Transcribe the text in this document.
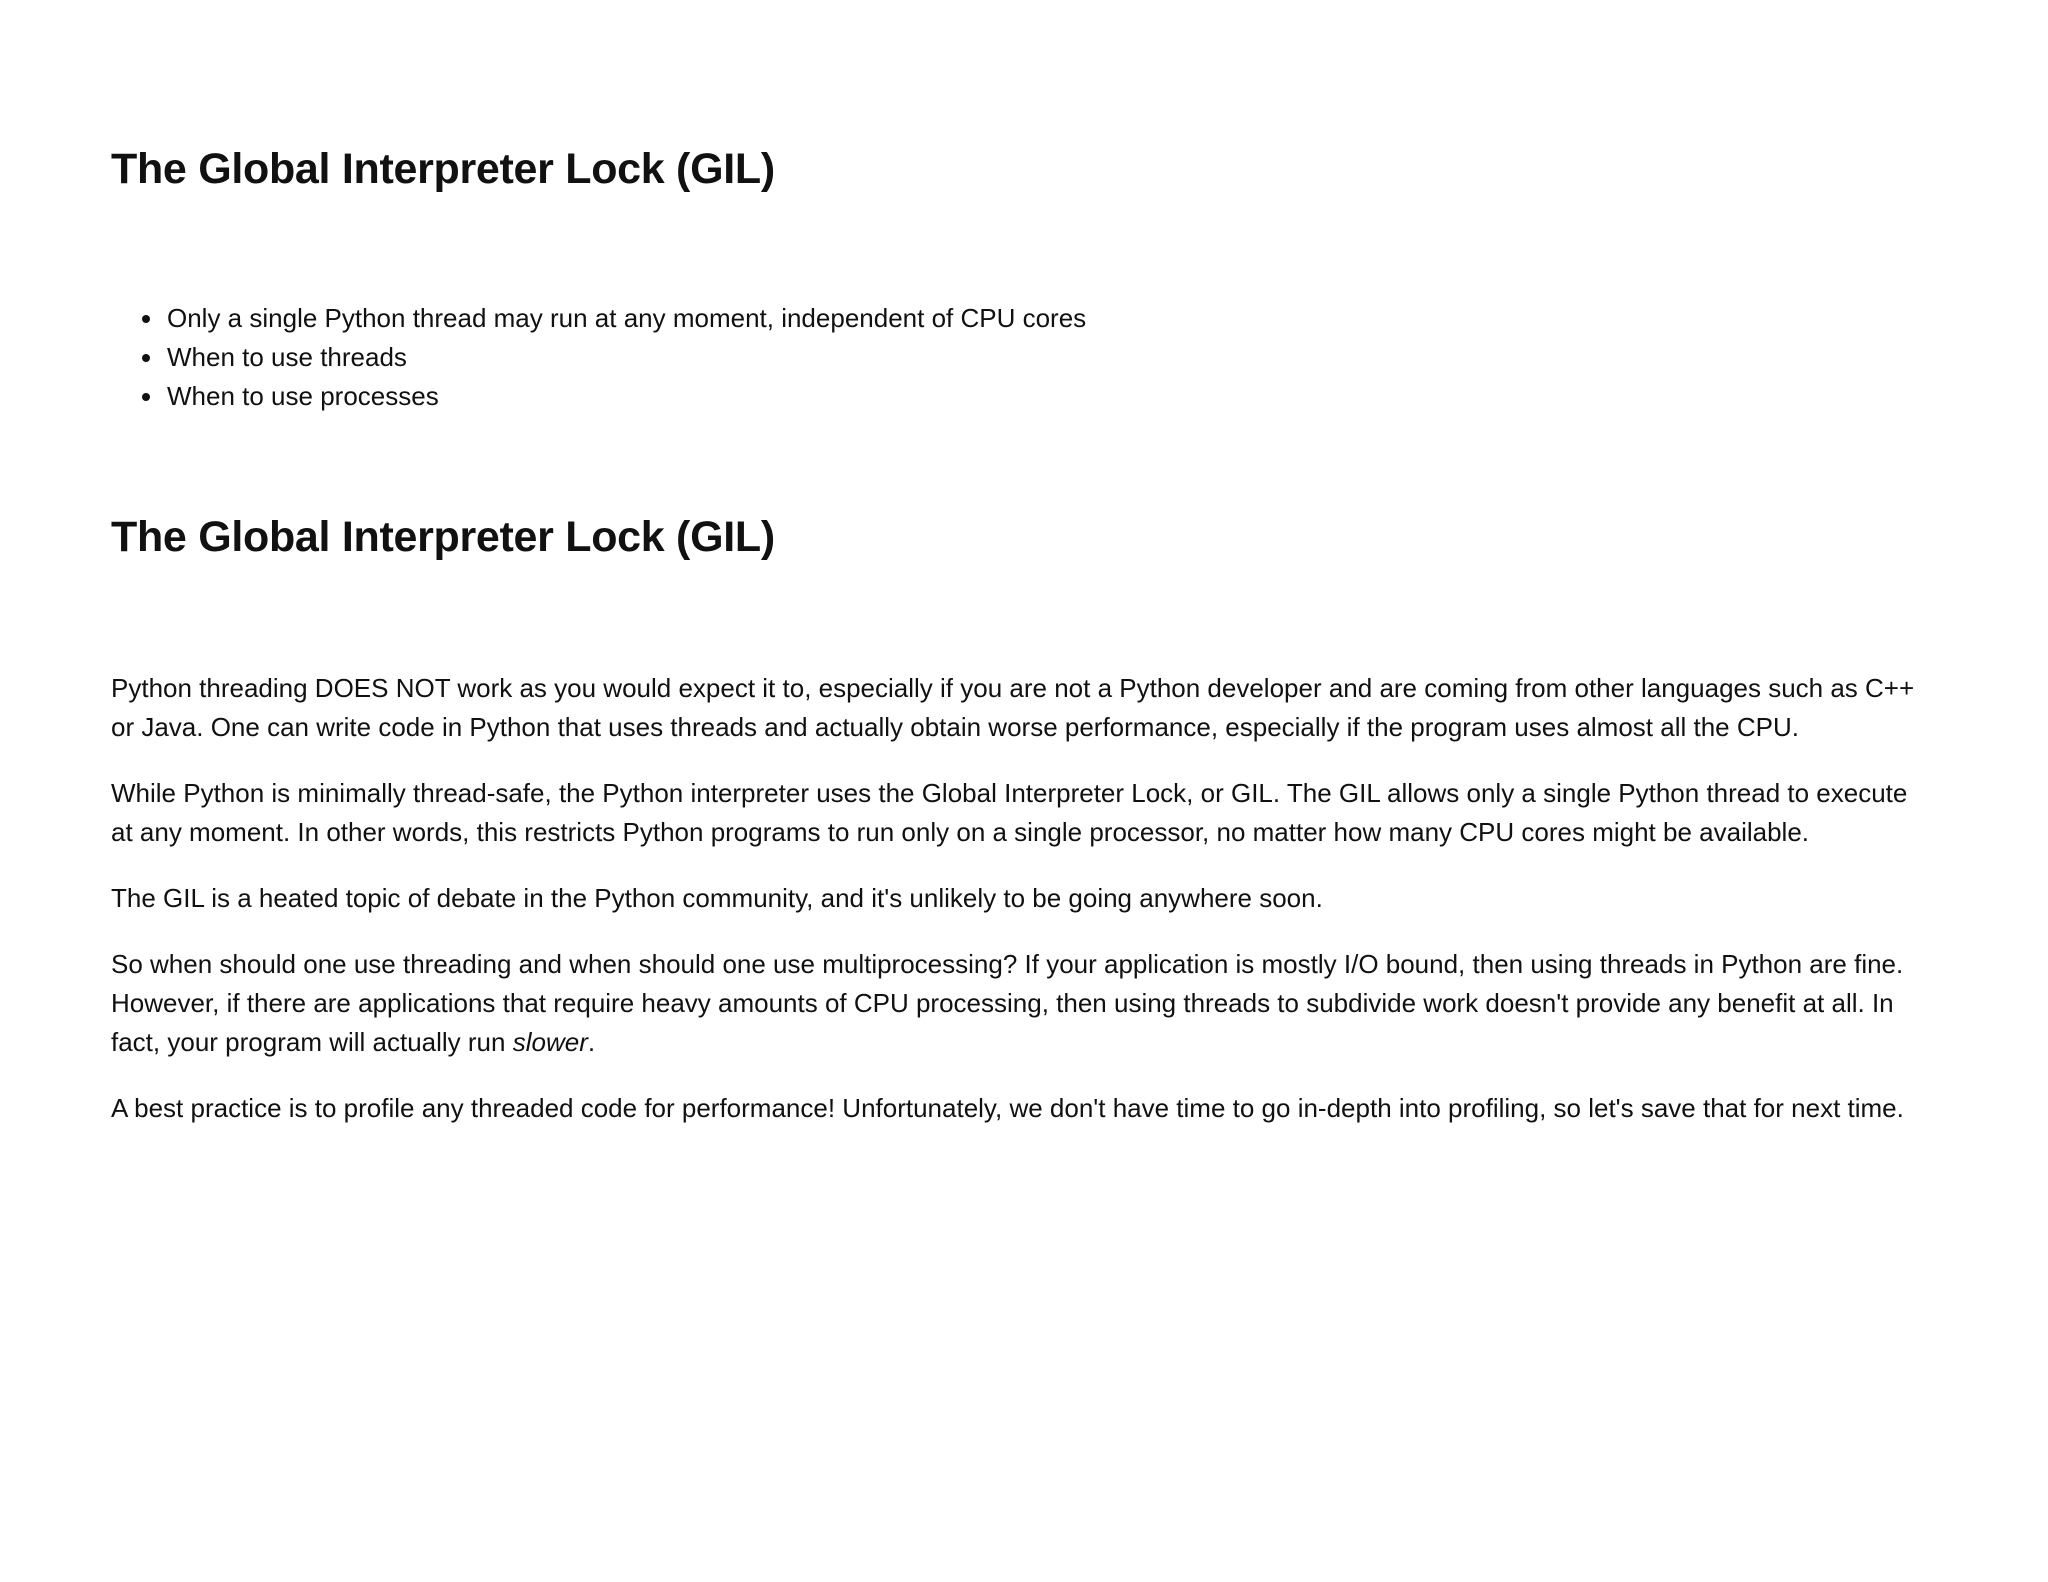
The Global Interpreter Lock (GIL)
• Only a single Python thread may run at any moment, independent of CPU cores
• When to use threads
• When to use processes
The Global Interpreter Lock (GIL)

Python threading DOES NOT work as you would expect it to, especially if you are not a Python developer and are coming from other languages such as C++ or Java. One can write code in Python that uses threads and actually obtain worse performance, especially if the program uses almost all the CPU.

While Python is minimally thread-safe, the Python interpreter uses the Global Interpreter Lock, or GIL. The GIL allows only a single Python thread to execute at any moment. In other words, this restricts Python programs to run only on a single processor, no matter how many CPU cores might be available.

The GIL is a heated topic of debate in the Python community, and it's unlikely to be going anywhere soon.

So when should one use threading and when should one use multiprocessing? If your application is mostly I/O bound, then using threads in Python are fine. However, if there are applications that require heavy amounts of CPU processing, then using threads to subdivide work doesn't provide any benefit at all. In fact, your program will actually run slower.

A best practice is to profile any threaded code for performance! Unfortunately, we don't have time to go in-depth into profiling, so let's save that for next time.
